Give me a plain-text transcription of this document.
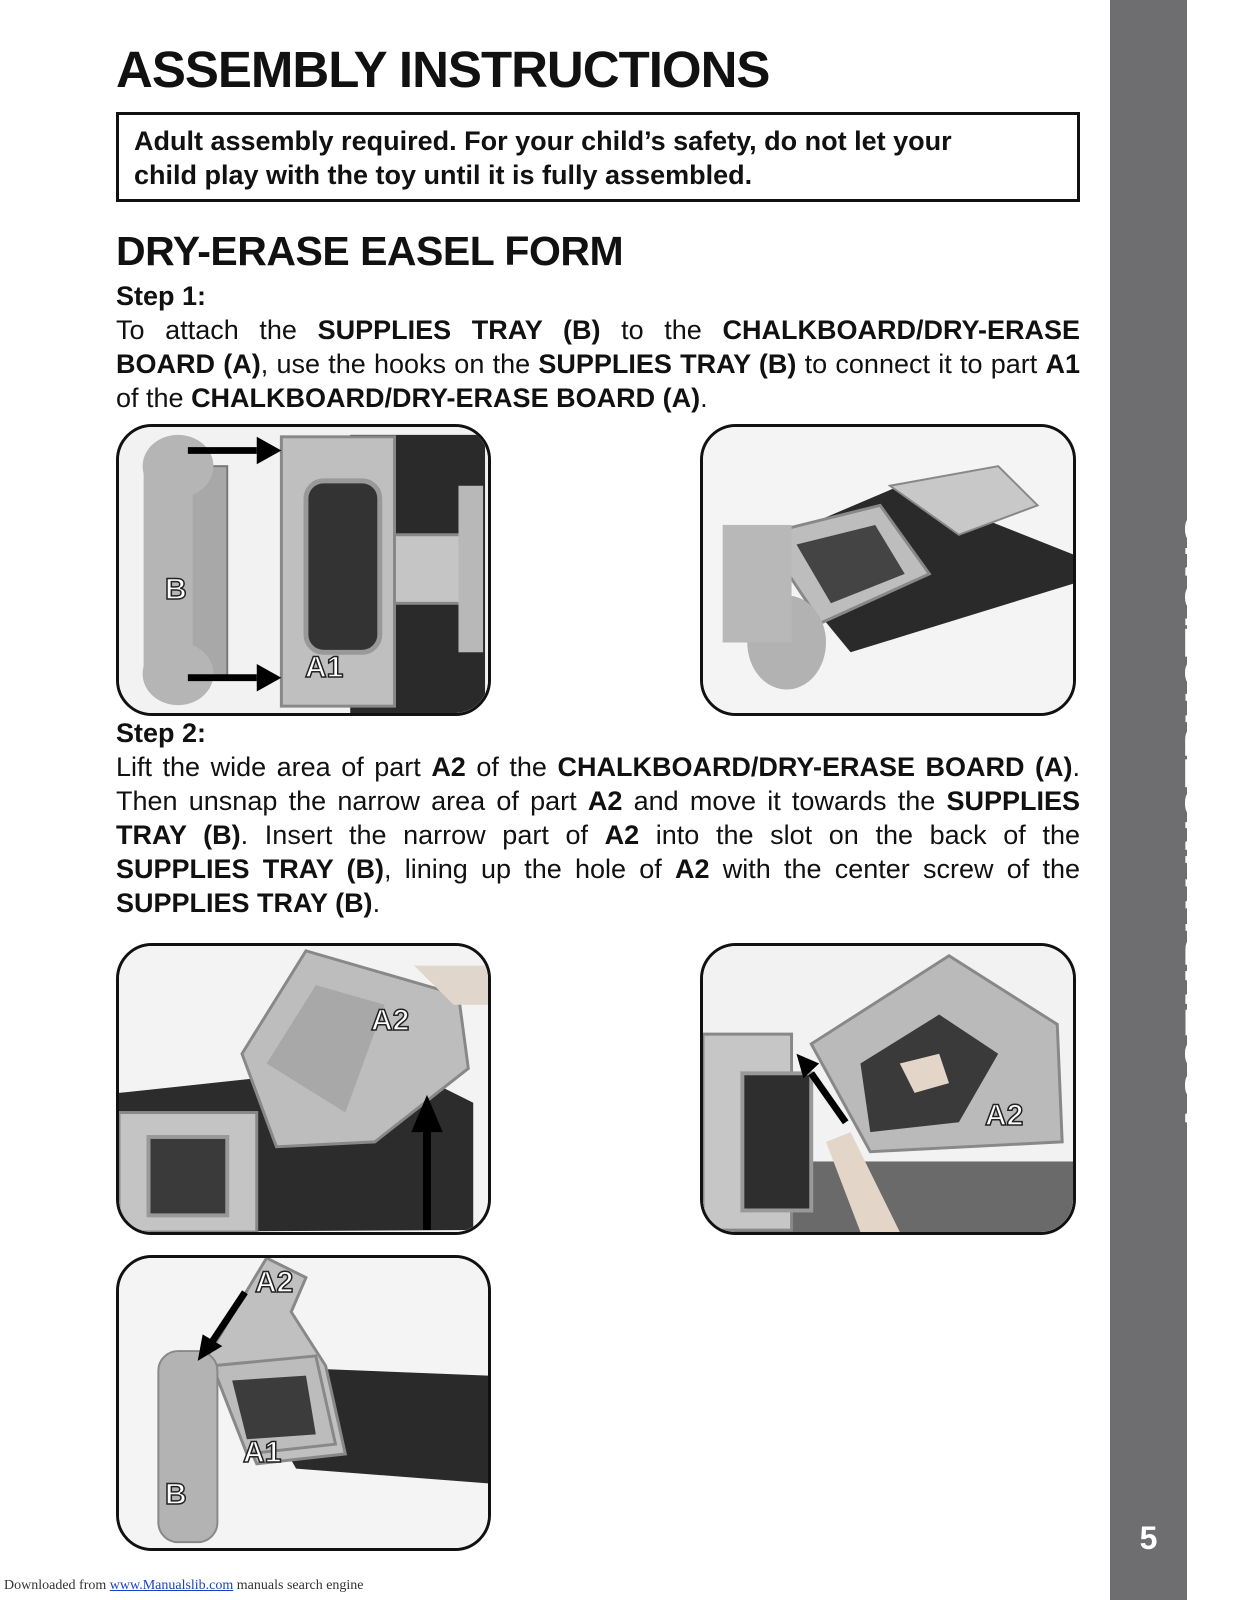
ASSEMBLY INSTRUCTIONS
5
ASSEMBLY INSTRUCTIONS

Adult assembly required. For your child’s safety, do not let your

child play with the toy until it is fully assembled.

DRY-ERASE EASEL FORM
Step 1:

To attach the SUPPLIES TRAY (B) to the CHALKBOARD/DRY-ERASE BOARD (A), use the hooks on the SUPPLIES TRAY (B) to connect it to part A1 of the CHALKBOARD/DRY-ERASE BOARD (A).

B
A1
Step 2:

Lift the wide area of part A2 of the CHALKBOARD/DRY-ERASE BOARD (A). Then unsnap the narrow area of part A2 and move it towards the SUPPLIES TRAY (B). Insert the narrow part of A2 into the slot on the back of the SUPPLIES TRAY (B), lining up the hole of A2 with the center screw of the SUPPLIES TRAY (B).

A2
A2
A2
A1
B
Downloaded from www.Manualslib.com manuals search engine
